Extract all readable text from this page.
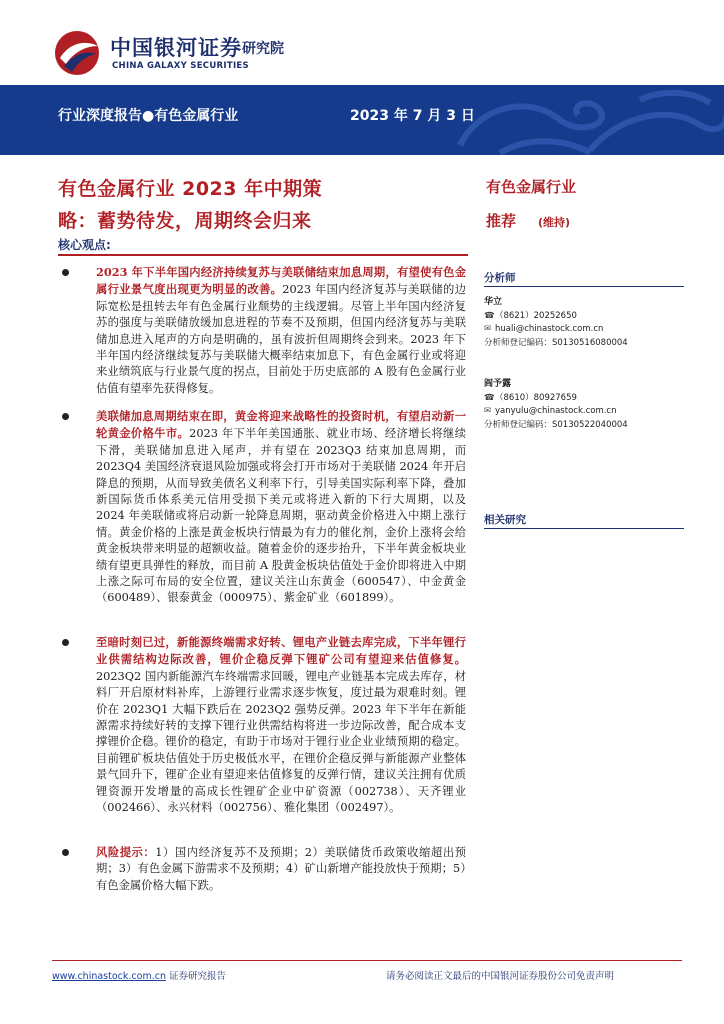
中国银河证券 研究院
CHINA GALAXY SECURITIES
行业深度报告●有色金属行业	2023 年 7 月 3 日
有色金属行业 2023 年中期策
略：蓄势待发，周期终会归来
有色金属行业
推荐 (维持)
核心观点:
2023 年下半年国内经济持续复苏与美联储结束加息周期，有望使有色金属行业景气度出现更为明显的改善。2023 年国内经济复苏与美联储的边际宽松是扭转去年有色金属行业颓势的主线逻辑。尽管上半年国内经济复苏的强度与美联储放缓加息进程的节奏不及预期，但国内经济复苏与美联储加息进入尾声的方向是明确的，虽有波折但周期终会到来。2023 年下半年国内经济继续复苏与美联储大概率结束加息下，有色金属行业或将迎来业绩筑底与行业景气度的拐点，目前处于历史底部的 A 股有色金属行业估值有望率先获得修复。
美联储加息周期结束在即，黄金将迎来战略性的投资时机，有望启动新一轮黄金价格牛市。2023 年下半年美国通胀、就业市场、经济增长将继续下滑，美联储加息进入尾声，并有望在 2023Q3 结束加息周期，而 2023Q4 美国经济衰退风险加强或将会打开市场对于美联储 2024 年开启降息的预期，从而导致美债名义利率下行，引导美国实际利率下降，叠加新国际货币体系美元信用受损下美元或将进入新的下行大周期，以及 2024 年美联储或将启动新一轮降息周期，驱动黄金价格进入中期上涨行情。黄金价格的上涨是黄金板块行情最为有力的催化剂，金价上涨将会给黄金板块带来明显的超额收益。随着金价的逐步抬升，下半年黄金板块业绩有望更具弹性的释放，而目前 A 股黄金板块估值处于金价即将进入中期上涨之际可布局的安全位置，建议关注山东黄金（600547）、中金黄金（600489）、银泰黄金（000975）、紫金矿业（601899）。
至暗时刻已过，新能源终端需求好转、锂电产业链去库完成，下半年锂行业供需结构边际改善，锂价企稳反弹下锂矿公司有望迎来估值修复。2023Q2 国内新能源汽车终端需求回暖，锂电产业链基本完成去库存，材料厂开启原材料补库，上游锂行业需求逐步恢复，度过最为艰难时刻。锂价在 2023Q1 大幅下跌后在 2023Q2 强势反弹。2023 年下半年在新能源需求持续好转的支撑下锂行业供需结构将进一步边际改善，配合成本支撑锂价企稳。锂价的稳定，有助于市场对于锂行业企业业绩预期的稳定。目前锂矿板块估值处于历史极低水平，在锂价企稳反弹与新能源产业整体景气回升下，锂矿企业有望迎来估值修复的反弹行情，建议关注拥有优质锂资源开发增量的高成长性锂矿企业中矿资源（002738）、天齐锂业（002466）、永兴材料（002756）、雅化集团（002497）。
风险提示：1）国内经济复苏不及预期；2）美联储货币政策收缩超出预期；3）有色金属下游需求不及预期；4）矿山新增产能投放快于预期；5）有色金属价格大幅下跌。
分析师
华立
☎（8621）20252650
✉ huali@chinastock.com.cn
分析师登记编码：S0130516080004
阎予露
☎（8610）80927659
✉ yanyulu@chinastock.com.cn
分析师登记编码：S0130522040004
相关研究
www.chinastock.com.cn 证券研究报告	请务必阅读正文最后的中国银河证券股份公司免责声明
